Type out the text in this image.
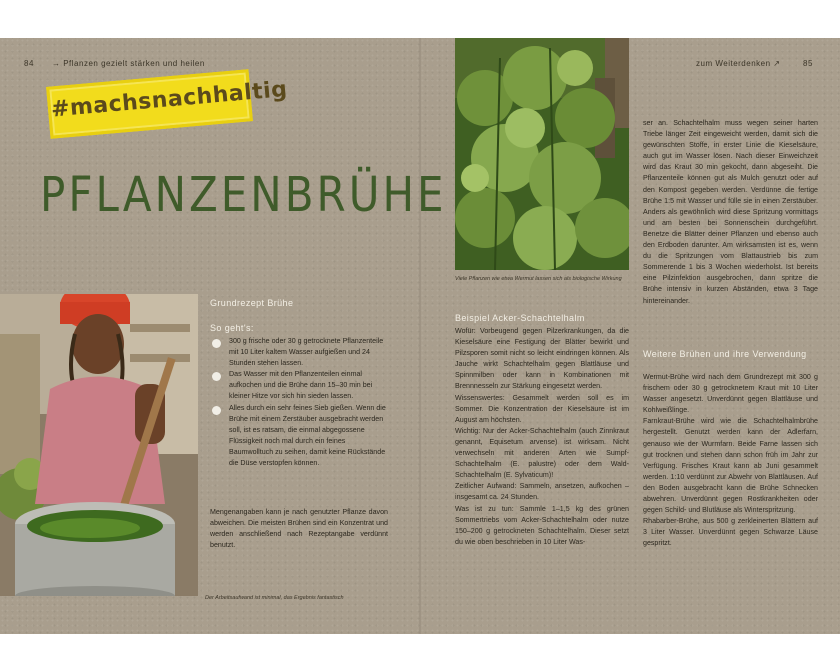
84 → Pflanzen gezielt stärken und heilen	zum Weiterdenken ↗	85
#machsnachhaltig
PFLANZENBRÜHE
Der Arbeitsaufwand ist minimal, das Ergebnis fantastisch
Viele Pflanzen wie etwa Wermut lassen sich als biologische Wirkung
Grundrezept Brühe
So geht's:
300 g frische oder 30 g getrocknete Pflanzenteile mit 10 Liter kaltem Wasser aufgießen und 24 Stunden stehen lassen.
Das Wasser mit den Pflanzenteilen einmal aufkochen und die Brühe dann 15–30 min bei kleiner Hitze vor sich hin sieden lassen.
Alles durch ein sehr feines Sieb gießen. Wenn die Brühe mit einem Zerstäuber ausgebracht werden soll, ist es ratsam, die einmal abgegossene Flüssigkeit noch mal durch ein feines Baumwolltuch zu seihen, damit keine Rückstände die Düse verstopfen können.
Mengenangaben kann je nach genutzter Pflanze davon abweichen. Die meisten Brühen sind ein Konzentrat und werden anschließend nach Rezeptangabe verdünnt benutzt.
Beispiel Acker-Schachtelhalm

Wofür: Vorbeugend gegen Pilzerkrankungen, da die Kieselsäure eine Festigung der Blätter bewirkt und Pilzsporen somit nicht so leicht eindringen können. Als Jauche wirkt Schachtelhalm gegen Blattläuse und Spinnmilben oder kann in Kombinationen mit Brennnesseln zur Stärkung eingesetzt werden.

Wissenswertes: Gesammelt werden soll es im Sommer. Die Konzentration der Kieselsäure ist im August am höchsten.

Wichtig: Nur der Acker-Schachtelhalm (auch Zinnkraut genannt, Equisetum arvense) ist wirksam. Nicht verwechseln mit anderen Arten wie Sumpf-Schachtelhalm (E. palustre) oder dem Wald-Schachtelhalm (E. Sylvaticum)!

Zeitlicher Aufwand: Sammeln, ansetzen, aufkochen – insgesamt ca. 24 Stunden.

Was ist zu tun: Sammle 1–1,5 kg des grünen Sommertriebs vom Acker-Schachtelhalm oder nutze 150–200 g getrockneten Schachtelhalm. Dieser setzt du wie oben beschrieben in 10 Liter Was-

ser an. Schachtelhalm muss wegen seiner harten Triebe länger Zeit eingeweicht werden, damit sich die gewünschten Stoffe, in erster Linie die Kieselsäure, auch gut im Wasser lösen. Nach dieser Einweichzeit wird das Kraut 30 min gekocht, dann abgeseiht. Die Pflanzenteile können gut als Mulch genutzt oder auf den Kompost gegeben werden. Verdünne die fertige Brühe 1:5 mit Wasser und fülle sie in einen Zerstäuber. Anders als gewöhnlich wird diese Spritzung vormittags und am besten bei Sonnenschein durchgeführt. Benetze die Blätter deiner Pflanzen und ebenso auch den Erdboden darunter. Am wirksamsten ist es, wenn du die Spritzungen vom Blattaustrieb bis zum Sommerende 1 bis 3 Wochen wiederholst. Ist bereits eine Pilzinfektion ausgebrochen, dann spritze die Brühe intensiv in kurzen Abständen, etwa 3 Tage hintereinander.

Weitere Brühen und ihre Verwendung

Wermut-Brühe wird nach dem Grundrezept mit 300 g frischem oder 30 g getrocknetem Kraut mit 10 Liter Wasser angesetzt. Unverdünnt gegen Blattläuse und Kohlweißlinge.

Farnkraut-Brühe wird wie die Schachtelhalmbrühe hergestellt. Genutzt werden kann der Adlerfarn, genauso wie der Wurmfarn. Beide Farne lassen sich gut trocknen und stehen dann schon früh im Jahr zur Verfügung. Frisches Kraut kann ab Juni gesammelt werden. 1:10 verdünnt zur Abwehr von Blattläusen. Auf den Boden ausgebracht kann die Brühe Schnecken abwehren. Unverdünnt gegen Rostkrankheiten oder gegen Schild- und Blutläuse als Winterspritzung.

Rhabarber-Brühe, aus 500 g zerkleinerten Blättern auf 3 Liter Wasser. Unverdünnt gegen Schwarze Läuse gespritzt.
